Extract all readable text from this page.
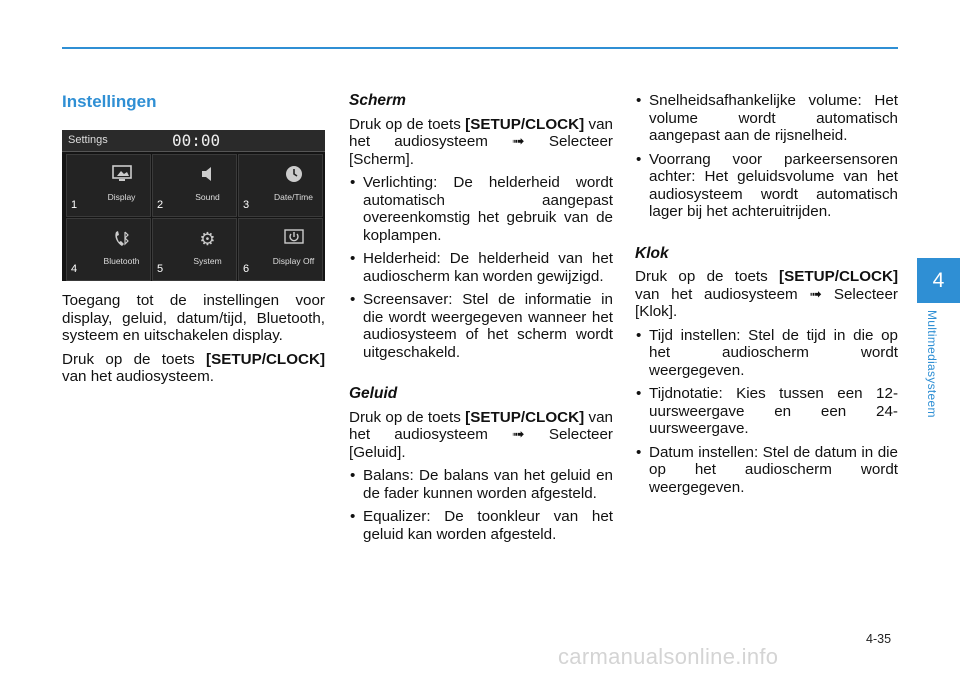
Instellingen
Settings	00:00
Display
1
Sound
2
Date/Time
3
Bluetooth
4
⚙
System
5
Display Off
6

Toegang tot de instellingen voor display, geluid, datum/tijd, Bluetooth, systeem en uitschakelen display.

Druk op de toets [SETUP/CLOCK] van het audiosysteem.

Scherm

Druk op de toets [SETUP/CLOCK] van het audiosysteem ➟ Selecteer [Scherm].

• Verlichting: De helderheid wordt automatisch aangepast overeenkomstig het gebruik van de koplampen.
• Helderheid: De helderheid van het audioscherm kan worden gewijzigd.
• Screensaver: Stel de informatie in die wordt weergegeven wanneer het audiosysteem of het scherm wordt uitgeschakeld.
Geluid

Druk op de toets [SETUP/CLOCK] van het audiosysteem ➟ Selecteer [Geluid].

• Balans: De balans van het geluid en de fader kunnen worden afgesteld.
• Equalizer: De toonkleur van het geluid kan worden afgesteld.
• Snelheidsafhankelijke volume: Het volume wordt automatisch aangepast aan de rijsnelheid.
• Voorrang voor parkeersensoren achter: Het geluidsvolume van het audiosysteem wordt automatisch lager bij het achteruitrijden.
Klok

Druk op de toets [SETUP/CLOCK] van het audiosysteem ➟ Selecteer [Klok].

• Tijd instellen: Stel de tijd in die op het audioscherm wordt weergegeven.
• Tijdnotatie: Kies tussen een 12-uursweergave en een 24-uursweergave.
• Datum instellen: Stel de datum in die op het audioscherm wordt weergegeven.
4
Multimediasysteem
4-35
carmanualsonline.info
